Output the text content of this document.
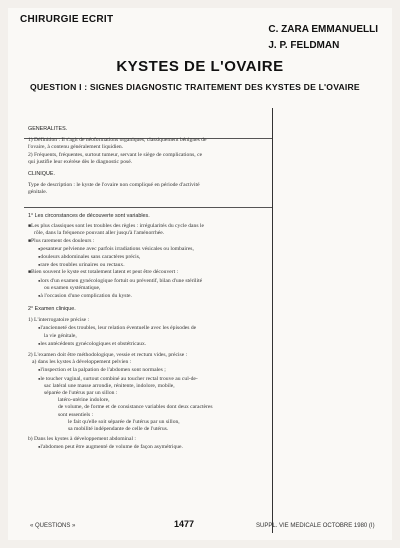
CHIRURGIE ECRIT
C. ZARA EMMANUELLI
J. P. FELDMAN
KYSTES DE L'OVAIRE
QUESTION I : SIGNES DIAGNOSTIC TRAITEMENT DES KYSTES DE L'OVAIRE

GENERALITES.

1) Définition : Il s'agit de néoformations organiques, classiquement bénignes de

l'ovaire, à contenu généralement liquidien.

2) Fréquents, fréquentes, surtout tumeur, servant le siège de complications, ce

qui justifie leur exérèse dès le diagnostic posé.

CLINIQUE.

Type de description : le kyste de l'ovaire non compliqué en période d'activité

génitale.

1° Les circonstances de découverte sont variables.

■ Les plus classiques sont les troubles des règles : irrégularités du cycle dans le

rôle, dans la fréquence pouvant aller jusqu'à l'aménorrhée.

■ Plus rarement des douleurs :

● pesanteur pelvienne avec parfois irradiations vésicales ou lombaires,

● douleurs abdominales sans caractères précis,

● rare des troubles urinaires ou rectaux.

■ Bien souvent le kyste est totalement latent et peut être découvert :

● lors d'un examen gynécologique fortuit ou préventif, bilan d'une stérilité

ou examen systématique,

● à l'occasion d'une complication du kyste.

2° Examen clinique.

1) L'interrogatoire précise :

● l'ancienneté des troubles, leur relation éventuelle avec les épisodes de

la vie génitale,

● les antécédents gynécologiques et obstétricaux.

2) L'examen doit être méthodologique, vessie et rectum vides, précise :

a) dans les kystes à développement pelvien :

● l'inspection et la palpation de l'abdomen sont normales ;

● le toucher vaginal, surtout combiné au toucher rectal trouve au cul-de-

sac latéral une masse arrondie, rénitente, indolore, mobile,

séparée de l'utérus par un sillon :

latéro-utérine indolore,

de volume, de forme et de consistance variables dont deux caractères

sont essentiels :

le fait qu'elle soit séparée de l'utérus par un sillon,

sa mobilité indépendante de celle de l'utérus.

b) Dans les kystes à développement abdominal :

● l'abdomen peut être augmenté de volume de façon asymétrique.

« QUESTIONS »	1477	SUPPL. VIE MEDICALE OCTOBRE 1980 (I)
